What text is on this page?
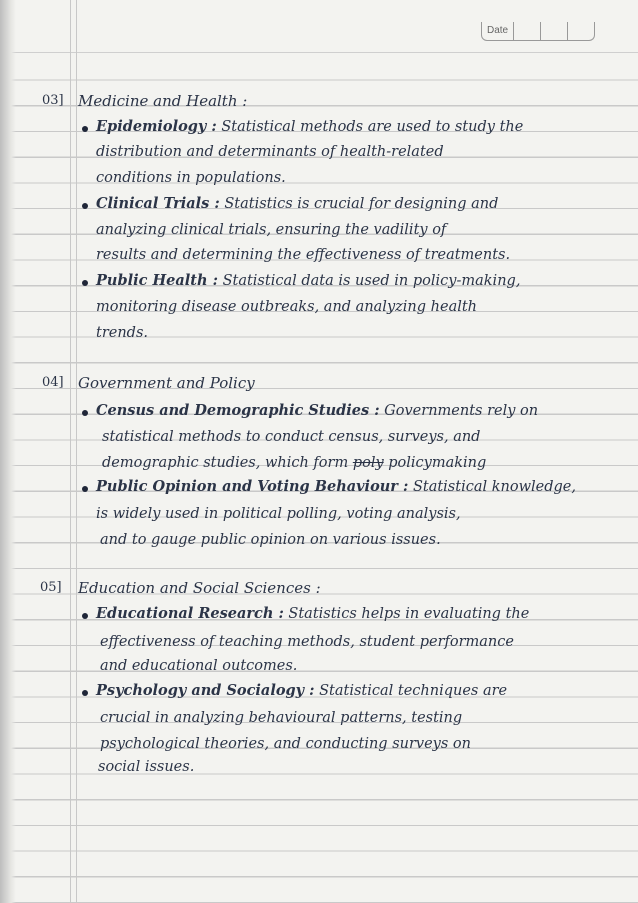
Date
03] Medicine and Health :
Epidemiology : Statistical methods are used to study the
distribution and determinants of health-related
conditions in populations.
Clinical Trials : Statistics is crucial for designing and
analyzing clinical trials, ensuring the vadility of
results and determining the effectiveness of treatments.
Public Health : Statistical data is used in policy-making,
monitoring disease outbreaks, and analyzing health
trends.
04] Government and Policy
Census and Demographic Studies : Governments rely on
statistical methods to conduct census, surveys, and
demographic studies, which form poly policymaking
Public Opinion and Voting Behaviour : Statistical knowledge,
is widely used in political polling, voting analysis,
and to gauge public opinion on various issues.
05] Education and Social Sciences :
Educational Research : Statistics helps in evaluating the
effectiveness of teaching methods, student performance
and educational outcomes.
Psychology and Socialogy : Statistical techniques are
crucial in analyzing behavioural patterns, testing
psychological theories, and conducting surveys on
social issues.
